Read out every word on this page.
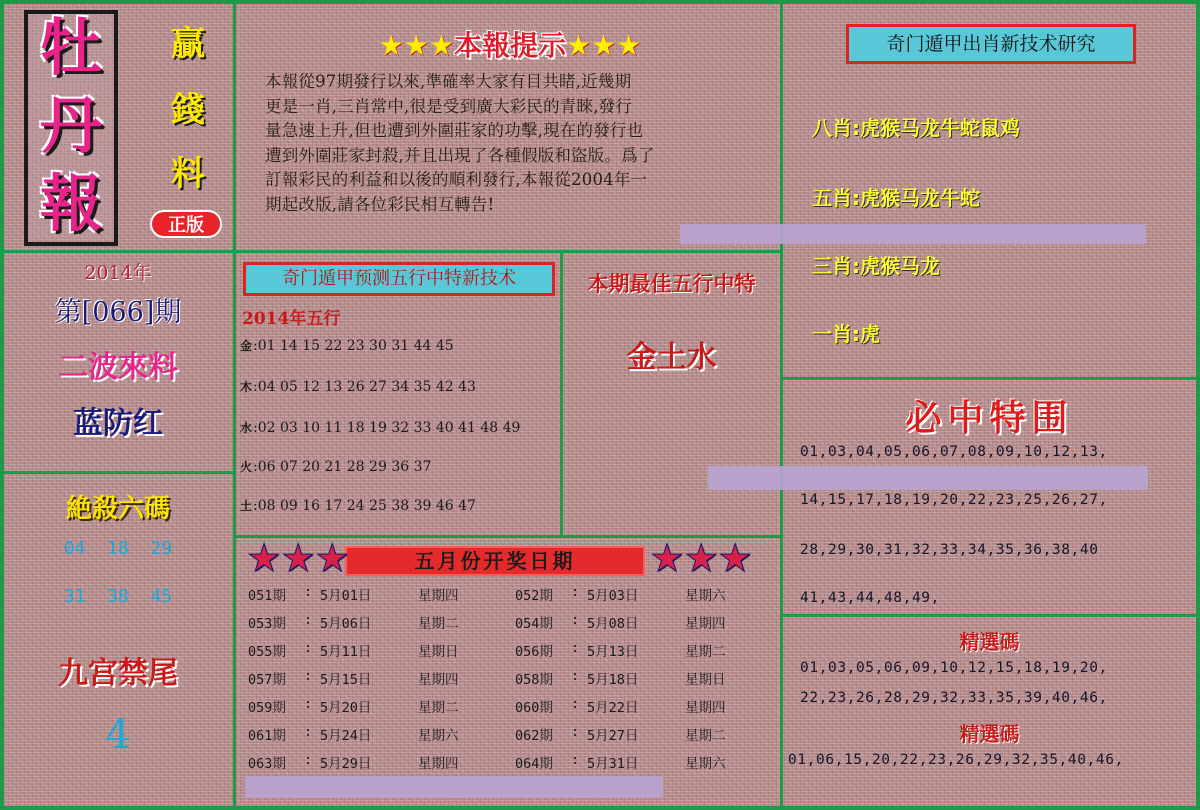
牡
丹
報
贏
錢
料
正版
★★★本報提示★★★

本報從97期發行以來,準確率大家有目共睹,近幾期

更是一肖,三肖常中,很是受到廣大彩民的青睞,發行

量急速上升,但也遭到外圍莊家的功擊,現在的發行也

遭到外圍莊家封殺,并且出現了各種假版和盜版。爲了

訂報彩民的利益和以後的順利發行,本報從2004年一

期起改版,請各位彩民相互轉告!

2014年
第[066]期
二波來料
蓝防红
絶殺六碼
04  18  29
31  38  45
九宫禁尾
4
奇门遁甲预测五行中特新技术
2014年五行
金:01 14 15 22 23 30 31 44 45
木:04 05 12 13 26 27 34 35 42 43
水:02 03 10 11 18 19 32 33 40 41 48 49
火:06 07 20 21 28 29 36 37
土:08 09 16 17 24 25 38 39 46 47
本期最佳五行中特
金土水
★★★	五月份开奖日期	★★★
051期 : 5月01日	星期四	052期 : 5月03日	星期六
053期 : 5月06日	星期二	054期 : 5月08日	星期四
055期 : 5月11日	星期日	056期 : 5月13日	星期二
057期 : 5月15日	星期四	058期 : 5月18日	星期日
059期 : 5月20日	星期二	060期 : 5月22日	星期四
061期 : 5月24日	星期六	062期 : 5月27日	星期二
063期 : 5月29日	星期四	064期 : 5月31日	星期六
奇门遁甲出肖新技术研究
八肖:虎猴马龙牛蛇鼠鸡
五肖:虎猴马龙牛蛇
三肖:虎猴马龙
一肖:虎
必中特围
01,03,04,05,06,07,08,09,10,12,13,
14,15,17,18,19,20,22,23,25,26,27,
28,29,30,31,32,33,34,35,36,38,40
41,43,44,48,49,
精選碼
01,03,05,06,09,10,12,15,18,19,20,
22,23,26,28,29,32,33,35,39,40,46,
精選碼
01,06,15,20,22,23,26,29,32,35,40,46,
